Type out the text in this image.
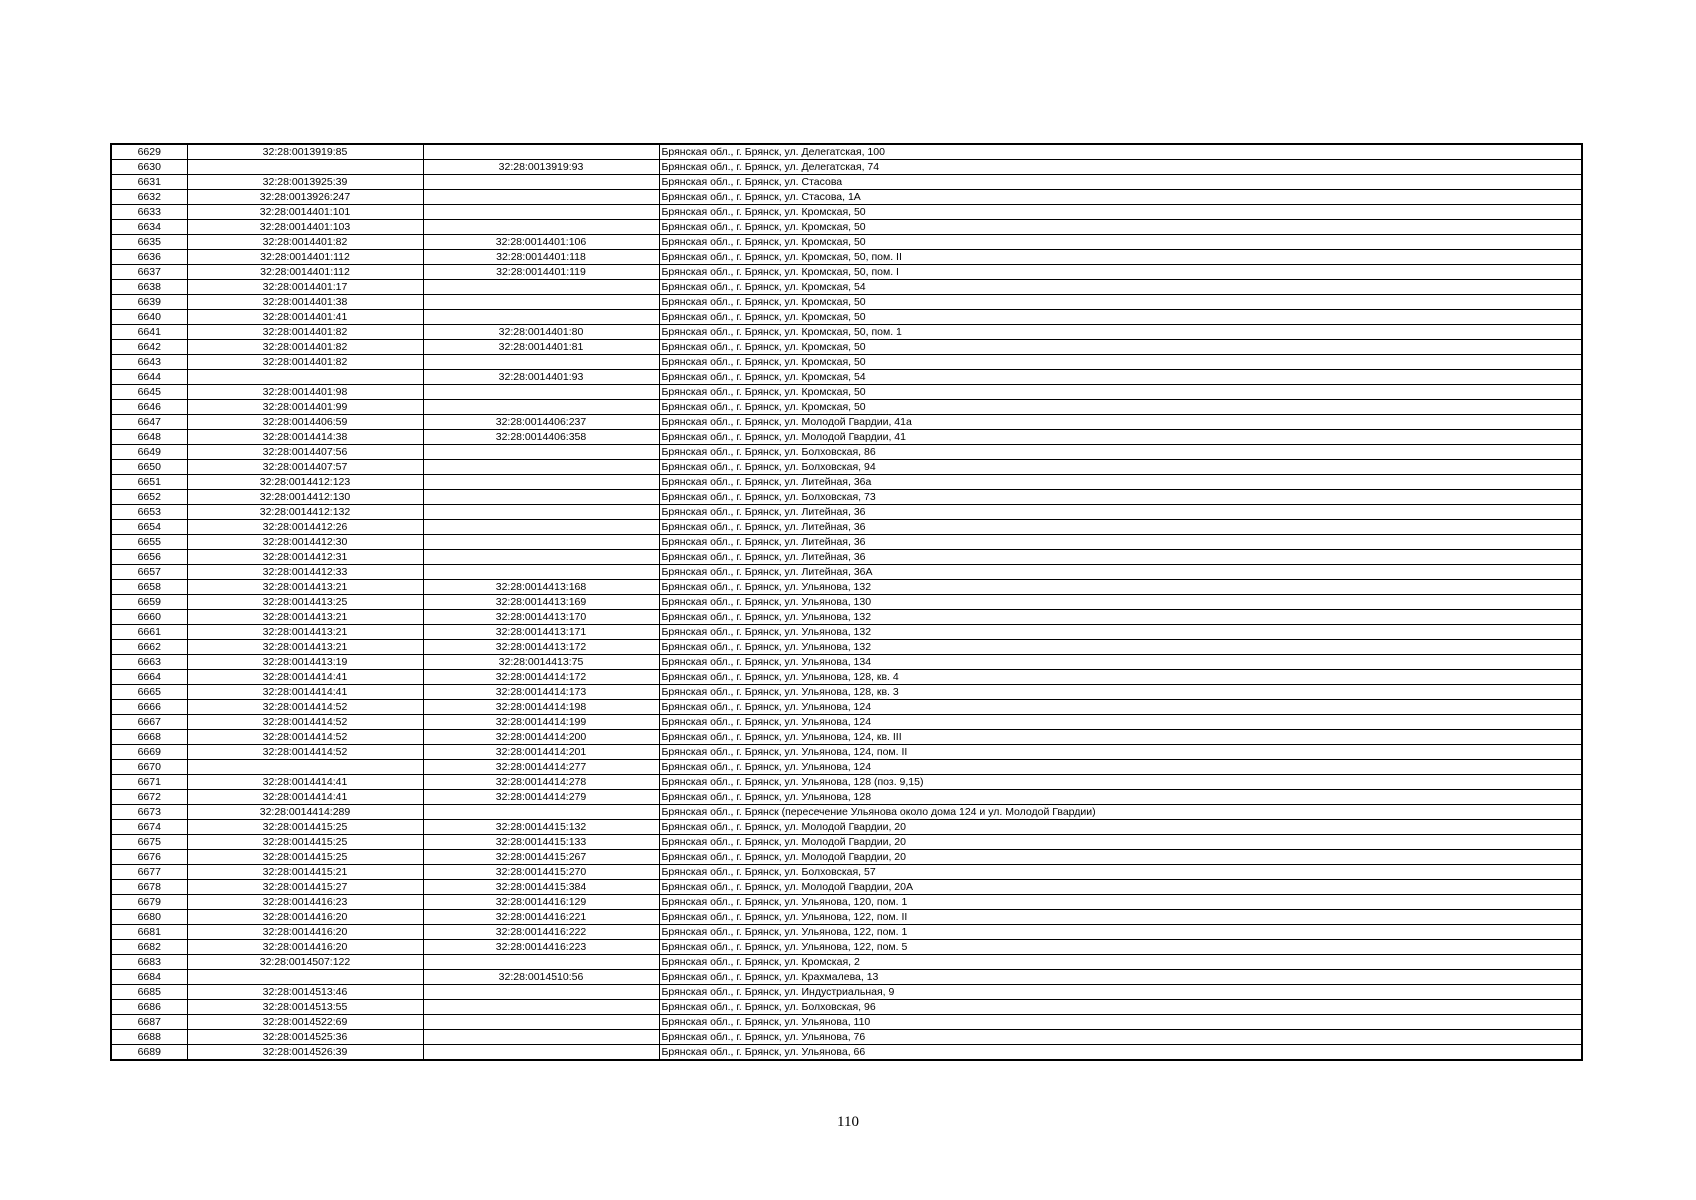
6629	32:28:0013919:85		Брянская обл., г. Брянск, ул. Делегатская, 100
6630		32:28:0013919:93	Брянская обл., г. Брянск, ул. Делегатская, 74
6631	32:28:0013925:39		Брянская обл., г. Брянск, ул. Стасова
6632	32:28:0013926:247		Брянская обл., г. Брянск, ул. Стасова, 1А
6633	32:28:0014401:101		Брянская обл., г. Брянск, ул. Кромская, 50
6634	32:28:0014401:103		Брянская обл., г. Брянск, ул. Кромская, 50
6635	32:28:0014401:82	32:28:0014401:106	Брянская обл., г. Брянск, ул. Кромская, 50
6636	32:28:0014401:112	32:28:0014401:118	Брянская обл., г. Брянск, ул. Кромская, 50, пом. II
6637	32:28:0014401:112	32:28:0014401:119	Брянская обл., г. Брянск, ул. Кромская, 50, пом. I
6638	32:28:0014401:17		Брянская обл., г. Брянск, ул. Кромская, 54
6639	32:28:0014401:38		Брянская обл., г. Брянск, ул. Кромская, 50
6640	32:28:0014401:41		Брянская обл., г. Брянск, ул. Кромская, 50
6641	32:28:0014401:82	32:28:0014401:80	Брянская обл., г. Брянск, ул. Кромская, 50, пом. 1
6642	32:28:0014401:82	32:28:0014401:81	Брянская обл., г. Брянск, ул. Кромская, 50
6643	32:28:0014401:82		Брянская обл., г. Брянск, ул. Кромская, 50
6644		32:28:0014401:93	Брянская обл., г. Брянск, ул. Кромская, 54
6645	32:28:0014401:98		Брянская обл., г. Брянск, ул. Кромская, 50
6646	32:28:0014401:99		Брянская обл., г. Брянск, ул. Кромская, 50
6647	32:28:0014406:59	32:28:0014406:237	Брянская обл., г. Брянск, ул. Молодой Гвардии, 41а
6648	32:28:0014414:38	32:28:0014406:358	Брянская обл., г. Брянск, ул. Молодой Гвардии, 41
6649	32:28:0014407:56		Брянская обл., г. Брянск, ул. Болховская, 86
6650	32:28:0014407:57		Брянская обл., г. Брянск, ул. Болховская, 94
6651	32:28:0014412:123		Брянская обл., г. Брянск, ул. Литейная, 36а
6652	32:28:0014412:130		Брянская обл., г. Брянск, ул. Болховская, 73
6653	32:28:0014412:132		Брянская обл., г. Брянск, ул. Литейная, 36
6654	32:28:0014412:26		Брянская обл., г. Брянск, ул. Литейная, 36
6655	32:28:0014412:30		Брянская обл., г. Брянск, ул. Литейная, 36
6656	32:28:0014412:31		Брянская обл., г. Брянск, ул. Литейная, 36
6657	32:28:0014412:33		Брянская обл., г. Брянск, ул. Литейная, 36А
6658	32:28:0014413:21	32:28:0014413:168	Брянская обл., г. Брянск, ул. Ульянова, 132
6659	32:28:0014413:25	32:28:0014413:169	Брянская обл., г. Брянск, ул. Ульянова, 130
6660	32:28:0014413:21	32:28:0014413:170	Брянская обл., г. Брянск, ул. Ульянова, 132
6661	32:28:0014413:21	32:28:0014413:171	Брянская обл., г. Брянск, ул. Ульянова, 132
6662	32:28:0014413:21	32:28:0014413:172	Брянская обл., г. Брянск, ул. Ульянова, 132
6663	32:28:0014413:19	32:28:0014413:75	Брянская обл., г. Брянск, ул. Ульянова, 134
6664	32:28:0014414:41	32:28:0014414:172	Брянская обл., г. Брянск, ул. Ульянова, 128, кв. 4
6665	32:28:0014414:41	32:28:0014414:173	Брянская обл., г. Брянск, ул. Ульянова, 128, кв. 3
6666	32:28:0014414:52	32:28:0014414:198	Брянская обл., г. Брянск, ул. Ульянова, 124
6667	32:28:0014414:52	32:28:0014414:199	Брянская обл., г. Брянск, ул. Ульянова, 124
6668	32:28:0014414:52	32:28:0014414:200	Брянская обл., г. Брянск, ул. Ульянова, 124, кв. III
6669	32:28:0014414:52	32:28:0014414:201	Брянская обл., г. Брянск, ул. Ульянова, 124, пом. II
6670		32:28:0014414:277	Брянская обл., г. Брянск, ул. Ульянова, 124
6671	32:28:0014414:41	32:28:0014414:278	Брянская обл., г. Брянск, ул. Ульянова, 128 (поз. 9,15)
6672	32:28:0014414:41	32:28:0014414:279	Брянская обл., г. Брянск, ул. Ульянова, 128
6673	32:28:0014414:289		Брянская обл., г. Брянск (пересечение Ульянова около дома 124 и ул. Молодой Гвардии)
6674	32:28:0014415:25	32:28:0014415:132	Брянская обл., г. Брянск, ул. Молодой Гвардии, 20
6675	32:28:0014415:25	32:28:0014415:133	Брянская обл., г. Брянск, ул. Молодой Гвардии, 20
6676	32:28:0014415:25	32:28:0014415:267	Брянская обл., г. Брянск, ул. Молодой Гвардии, 20
6677	32:28:0014415:21	32:28:0014415:270	Брянская обл., г. Брянск, ул. Болховская, 57
6678	32:28:0014415:27	32:28:0014415:384	Брянская обл., г. Брянск, ул. Молодой Гвардии, 20А
6679	32:28:0014416:23	32:28:0014416:129	Брянская обл., г. Брянск, ул. Ульянова, 120, пом. 1
6680	32:28:0014416:20	32:28:0014416:221	Брянская обл., г. Брянск, ул. Ульянова, 122, пом. II
6681	32:28:0014416:20	32:28:0014416:222	Брянская обл., г. Брянск, ул. Ульянова, 122, пом. 1
6682	32:28:0014416:20	32:28:0014416:223	Брянская обл., г. Брянск, ул. Ульянова, 122, пом. 5
6683	32:28:0014507:122		Брянская обл., г. Брянск, ул. Кромская, 2
6684		32:28:0014510:56	Брянская обл., г. Брянск, ул. Крахмалева, 13
6685	32:28:0014513:46		Брянская обл., г. Брянск, ул. Индустриальная, 9
6686	32:28:0014513:55		Брянская обл., г. Брянск, ул. Болховская, 96
6687	32:28:0014522:69		Брянская обл., г. Брянск, ул. Ульянова, 110
6688	32:28:0014525:36		Брянская обл., г. Брянск, ул. Ульянова, 76
6689	32:28:0014526:39		Брянская обл., г. Брянск, ул. Ульянова, 66
110
